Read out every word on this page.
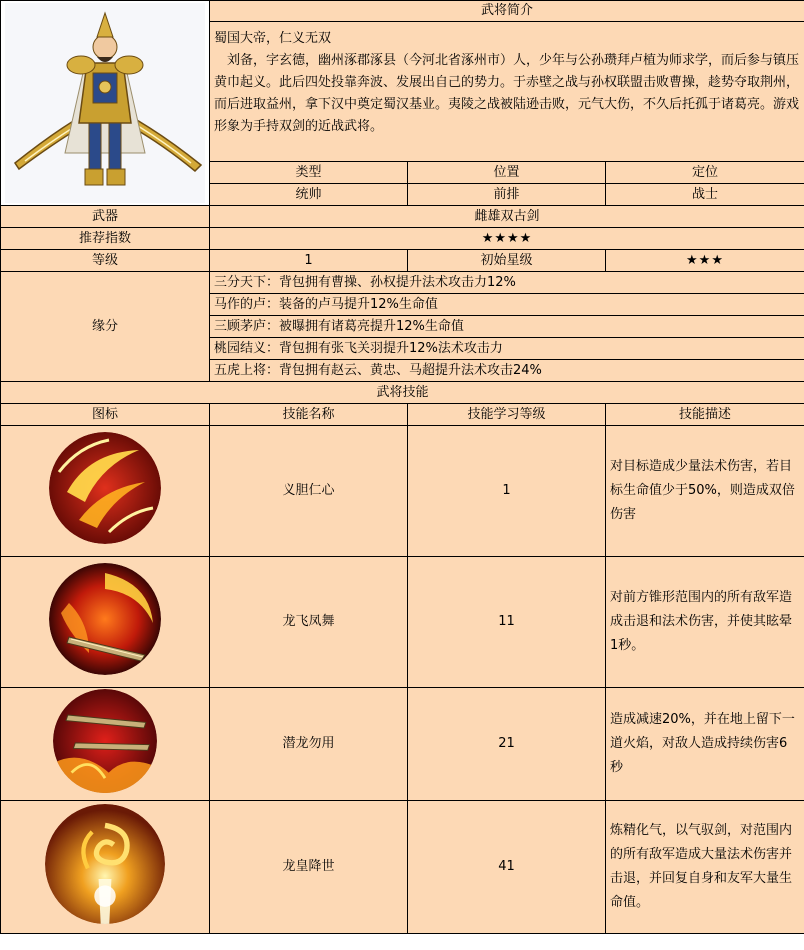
	武将简介		

	蜀国大帝，仁义无双
　刘备，字玄德，幽州涿郡涿县（今河北省涿州市）人，少年与公孙瓒拜卢植为师求学，而后参与镇压黄巾起义。此后四处投靠奔波、发展出自己的势力。于赤壁之战与孙权联盟击败曹操，趁势夺取荆州，而后进取益州，拿下汉中奠定蜀汉基业。夷陵之战被陆逊击败，元气大伤，不久后托孤于诸葛亮。游戏形象为手持双剑的近战武将。		

	类型	位置	定位
	统帅	前排	战士
武器	雌雄双古剑		
推荐指数	★★★★		
等级	1	初始星级	★★★
缘分	三分天下：背包拥有曹操、孙权提升法术攻击力12%		
	马作的卢：装备的卢马提升12%生命值		
	三顾茅庐：被曝拥有诸葛亮提升12%生命值		
	桃园结义：背包拥有张飞关羽提升12%法术攻击力		
	五虎上将：背包拥有赵云、黄忠、马超提升法术攻击24%		
武将技能			
图标	技能名称	技能学习等级	技能描述
	义胆仁心	1	对目标造成少量法术伤害，若目标生命值少于50%，则造成双倍伤害
	龙飞凤舞	11	对前方锥形范围内的所有敌军造成击退和法术伤害，并使其眩晕1秒。
	潜龙勿用	21	造成减速20%，并在地上留下一道火焰，对敌人造成持续伤害6秒
	龙皇降世	41	炼精化气，以气驭剑，对范围内的所有敌军造成大量法术伤害并击退，并回复自身和友军大量生命值。
